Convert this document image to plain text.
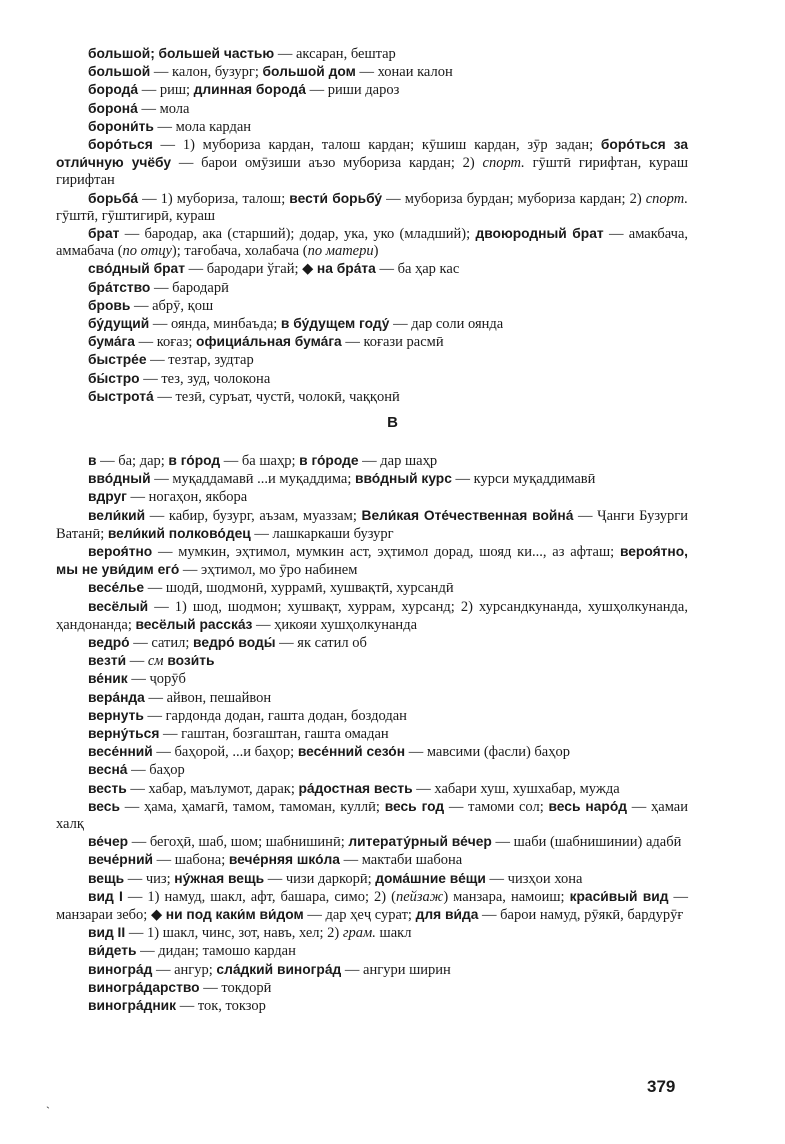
большой; большей частью — аксаран, бештар

большой — калон, бузург; большой дом — хонаи калон

борода́ — риш; длинная борода́ — риши дароз

борона́ — мола

борони́ть — мола кардан

боро́ться — 1) мубориза кардан, талош кардан; кӯшиш кардан, зӯр задан; боро́ться за отли́чную учёбу — барои омӯзиши аъзо мубориза кардан; 2) спорт. гӯштӣ гирифтан, кураш гирифтан

борьба́ — 1) мубориза, талош; вести́ борьбу́ — мубориза бурдан; мубориза кардан; 2) спорт. гӯштӣ, гӯштигирӣ, кураш

брат — бародар, ака (старший); додар, ука, уко (младший); двоюродный брат — амакбача, аммабача (по отцу); тағобача, холабача (по матери)

сво́дный брат — бародари ўгай; ◆ на бра́та — ба ҳар кас

бра́тство — бародарӣ

бровь — абрӯ, қош

бу́дущий — оянда, минбаъда; в бу́дущем году́ — дар соли оянда

бума́га — коғаз; официа́льная бума́га — коғази расмӣ

быстре́е — тезтар, зудтар

бы́стро — тез, зуд, чолокона

быстрота́ — тезӣ, суръат, чустӣ, чолокӣ, чаққонӣ

В

в — ба; дар; в го́род — ба шаҳр; в го́роде — дар шаҳр

вво́дный — муқаддамавӣ ...и муқаддима; вво́дный курс — курси муқаддимавӣ

вдруг — ногаҳон, якбора

вели́кий — кабир, бузург, аъзам, муаззам; Вели́кая Оте́чественная война́ — Ҷанги Бузурги Ватанӣ; вели́кий полково́дец — лашкаркаши бузург

вероя́тно — мумкин, эҳтимол, мумкин аст, эҳтимол дорад, шояд ки..., аз афташ; вероя́тно, мы не уви́дим его́ — эҳтимол, мо ӯро набинем

весе́лье — шодӣ, шодмонӣ, хуррамӣ, хушвақтӣ, хурсандӣ

весёлый — 1) шод, шодмон; хушвақт, хуррам, хурсанд; 2) хурсандкунанда, хушҳолкунанда, ҳандонанда; весёлый расска́з — ҳикояи хушҳолкунанда

ведро́ — сатил; ведро́ воды́ — як сатил об

везти́ — см вози́ть

ве́ник — ҷорӯб

вера́нда — айвон, пешайвон

вернуть — гардонда додан, гашта додан, боздодан

верну́ться — гаштан, бозгаштан, гашта омадан

весе́нний — баҳорой, ...и баҳор; весе́нний сезо́н — мавсими (фасли) баҳор

весна́ — баҳор

весть — хабар, маълумот, дарак; ра́достная весть — хабари хуш, хушхабар, мужда

весь — ҳама, ҳамагӣ, тамом, тамоман, куллӣ; весь год — тамоми сол; весь наро́д — ҳамаи халқ

ве́чер — бегоҳӣ, шаб, шом; шабнишинӣ; литерату́рный ве́чер — шаби (шабнишинии) адабӣ

вече́рний — шабона; вече́рняя шко́ла — мактаби шабона

вещь — чиз; ну́жная вещь — чизи даркорӣ; дома́шние ве́щи — чизҳои хона

вид I — 1) намуд, шакл, афт, башара, симо; 2) (пейзаж) манзара, намоиш; краси́вый вид — манзараи зебо; ◆ ни под каки́м ви́дом — дар ҳеҷ сурат; для ви́да — барои намуд, рӯякӣ, бардурӯғ

вид II — 1) шакл, чинс, зот, навъ, хел; 2) грам. шакл

ви́деть — дидан; тамошо кардан

виногра́д — ангур; сла́дкий виногра́д — ангури ширин

виногра́дарство — токдорӣ

виногра́дник — ток, токзор

379
ˋ
